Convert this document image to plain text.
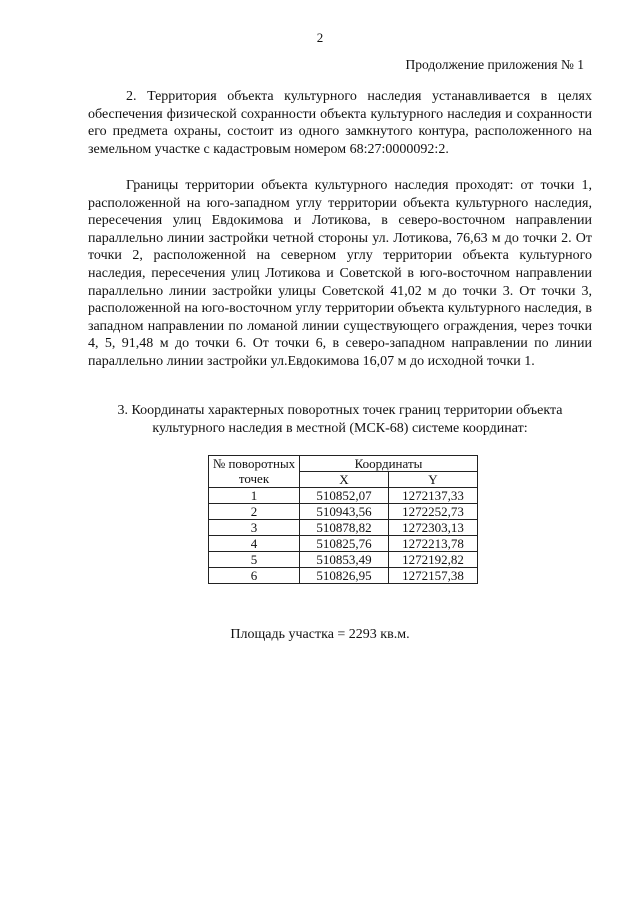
2
Продолжение приложения № 1

2. Территория объекта культурного наследия устанавливается в целях обеспечения физической сохранности объекта культурного наследия и сохранности его предмета охраны, состоит из одного замкнутого контура, расположенного на земельном участке с кадастровым номером 68:27:0000092:2.

Границы территории объекта культурного наследия проходят: от точки 1, расположенной на юго-западном углу территории объекта культурного наследия, пересечения улиц Евдокимова и Лотикова, в северо-восточном направлении параллельно линии застройки четной стороны ул. Лотикова, 76,63 м до точки 2. От точки 2, расположенной на северном углу территории объекта культурного наследия, пересечения улиц Лотикова и Советской в юго-восточном направлении параллельно линии застройки улицы Советской 41,02 м до точки 3. От точки 3, расположенной на юго-восточном углу территории объекта культурного наследия, в западном направлении по ломаной линии существующего ограждения, через точки 4, 5, 91,48 м до точки 6. От точки 6, в северо-западном направлении по линии параллельно линии застройки ул.Евдокимова 16,07 м до исходной точки 1.

3. Координаты характерных поворотных точек границ территории объекта культурного наследия в местной (МСК-68) системе координат:

№ поворотных точек	Координаты	
	X	Y
1	510852,07	1272137,33
2	510943,56	1272252,73
3	510878,82	1272303,13
4	510825,76	1272213,78
5	510853,49	1272192,82
6	510826,95	1272157,38
Площадь участка = 2293 кв.м.
